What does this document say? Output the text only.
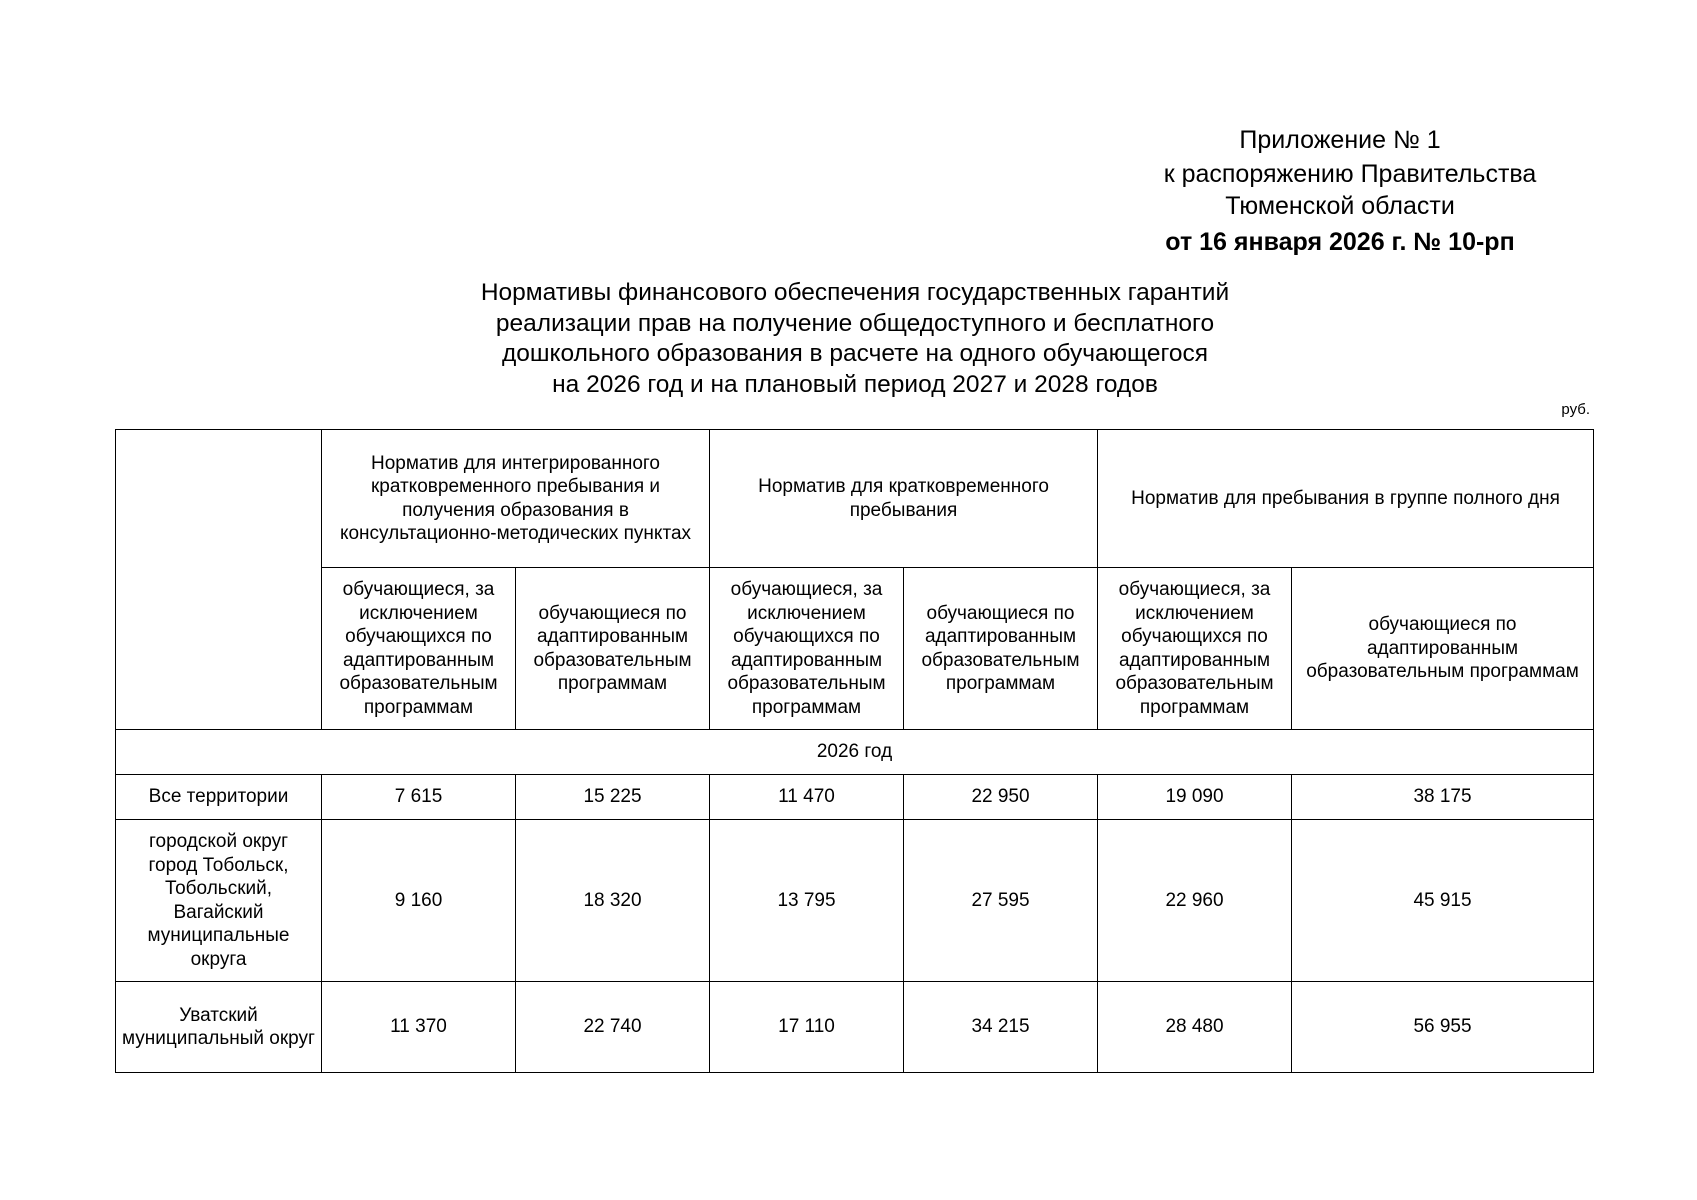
Приложение № 1
к распоряжению Правительства
Тюменской области
от 16 января 2026 г. № 10-рп
Нормативы финансового обеспечения государственных гарантий
реализации прав на получение общедоступного и бесплатного
дошкольного образования в расчете на одного обучающегося
на 2026 год и на плановый период 2027 и 2028 годов
руб.
	Норматив для интегрированного кратковременного пребывания и получения образования в консультационно-методических пунктах		Норматив для кратковременного пребывания		Норматив для пребывания в группе полного дня	
	обучающиеся, за исключением обучающихся по адаптированным образовательным программам	обучающиеся по адаптированным образовательным программам	обучающиеся, за исключением обучающихся по адаптированным образовательным программам	обучающиеся по адаптированным образовательным программам	обучающиеся, за исключением обучающихся по адаптированным образовательным программам	обучающиеся по адаптированным образовательным программам
2026 год						
Все территории	7 615	15 225	11 470	22 950	19 090	38 175
городской округ город Тобольск, Тобольский, Вагайский муниципальные округа	9 160	18 320	13 795	27 595	22 960	45 915
Уватский муниципальный округ	11 370	22 740	17 110	34 215	28 480	56 955
